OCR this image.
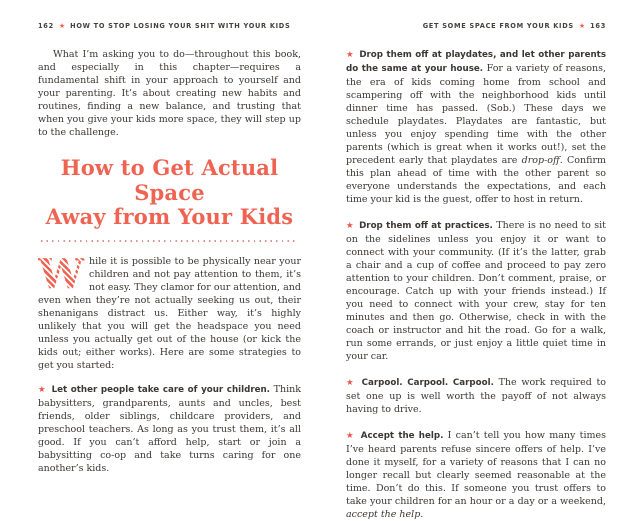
162 ★ HOW TO STOP LOSING YOUR SHIT WITH YOUR KIDS

What I’m asking you to do—throughout this book, and especially in this chapter—requires a fundamental shift in your approach to yourself and your parenting. It’s about creating new habits and routines, finding a new balance, and trusting that when you give your kids more space, they will step up to the challenge.

How to Get Actual Space
Away from Your Kids

W hile it is possible to be physically near your children and not pay attention to them, it’s not easy. They clamor for our attention, and even when they’re not actually seeking us out, their shenanigans distract us. Either way, it’s highly unlikely that you will get the headspace you need unless you actually get out of the house (or kick the kids out; either works). Here are some strategies to get you started:

★ Let other people take care of your children. Think babysitters, grandparents, aunts and uncles, best friends, older siblings, childcare providers, and preschool teachers. As long as you trust them, it’s all good. If you can’t afford help, start or join a babysitting co-op and take turns caring for one another’s kids.

GET SOME SPACE FROM YOUR KIDS ★ 163

★ Drop them off at playdates, and let other parents do the same at your house. For a variety of reasons, the era of kids coming home from school and scampering off with the neighborhood kids until dinner time has passed. (Sob.) These days we schedule playdates. Playdates are fantastic, but unless you enjoy spending time with the other parents (which is great when it works out!), set the precedent early that playdates are drop-off. Confirm this plan ahead of time with the other parent so everyone understands the expectations, and each time your kid is the guest, offer to host in return.

★ Drop them off at practices. There is no need to sit on the sidelines unless you enjoy it or want to connect with your community. (If it’s the latter, grab a chair and a cup of coffee and proceed to pay zero attention to your children. Don’t comment, praise, or encourage. Catch up with your friends instead.) If you need to connect with your crew, stay for ten minutes and then go. Otherwise, check in with the coach or instructor and hit the road. Go for a walk, run some errands, or just enjoy a little quiet time in your car.

★ Carpool. Carpool. Carpool. The work required to set one up is well worth the payoff of not always having to drive.

★ Accept the help. I can’t tell you how many times I’ve heard parents refuse sincere offers of help. I’ve done it myself, for a variety of reasons that I can no longer recall but clearly seemed reasonable at the time. Don’t do this. If someone you trust offers to take your children for an hour or a day or a weekend, accept the help.
